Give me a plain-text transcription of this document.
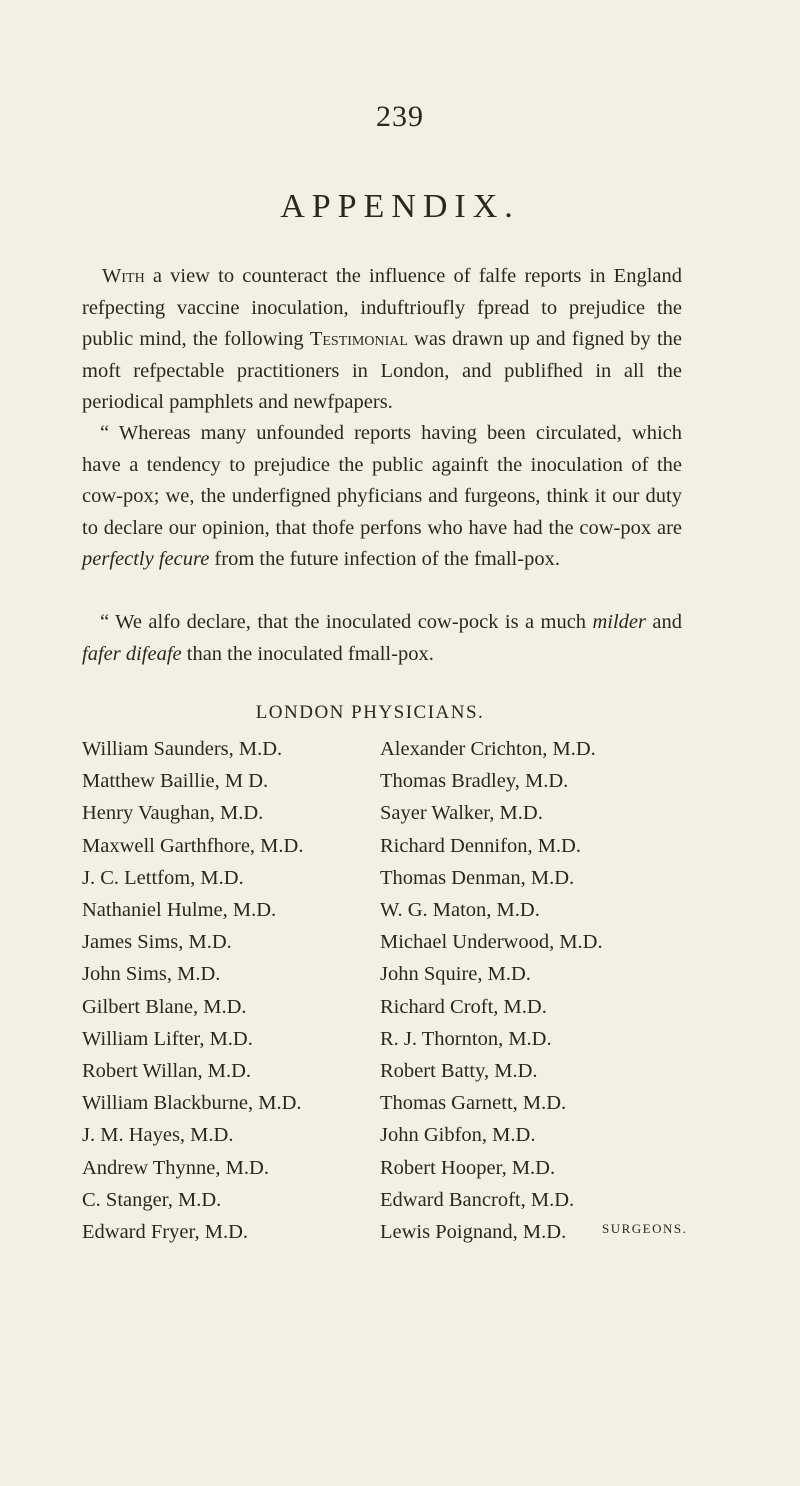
239
APPENDIX.

With a view to counteract the influence of falfe reports in England refpecting vaccine inoculation, induftrioufly fpread to prejudice the public mind, the following Testimonial was drawn up and figned by the moft refpectable practitioners in London, and publifhed in all the periodical pamphlets and newfpapers.

“ Whereas many unfounded reports having been circulated, which have a tendency to prejudice the public againft the inoculation of the cow-pox; we, the underfigned phyficians and furgeons, think it our duty to declare our opinion, that thofe perfons who have had the cow-pox are perfectly fecure from the future infection of the fmall-pox.

“ We alfo declare, that the inoculated cow-pock is a much milder and fafer difeafe than the inoculated fmall-pox.

LONDON PHYSICIANS.
William Saunders, M.D.
Matthew Baillie, M D.
Henry Vaughan, M.D.
Maxwell Garthfhore, M.D.
J. C. Lettfom, M.D.
Nathaniel Hulme, M.D.
James Sims, M.D.
John Sims, M.D.
Gilbert Blane, M.D.
William Lifter, M.D.
Robert Willan, M.D.
William Blackburne, M.D.
J. M. Hayes, M.D.
Andrew Thynne, M.D.
C. Stanger, M.D.
Edward Fryer, M.D.
Alexander Crichton, M.D.
Thomas Bradley, M.D.
Sayer Walker, M.D.
Richard Dennifon, M.D.
Thomas Denman, M.D.
W. G. Maton, M.D.
Michael Underwood, M.D.
John Squire, M.D.
Richard Croft, M.D.
R. J. Thornton, M.D.
Robert Batty, M.D.
Thomas Garnett, M.D.
John Gibfon, M.D.
Robert Hooper, M.D.
Edward Bancroft, M.D.
Lewis Poignand, M.D.	SURGEONS.
